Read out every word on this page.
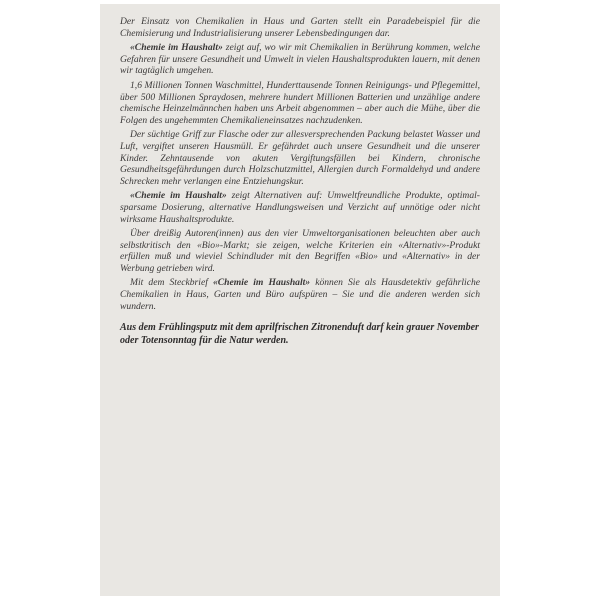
Der Einsatz von Chemikalien in Haus und Garten stellt ein Paradebeispiel für die Chemisierung und Industrialisierung unserer Lebensbedingungen dar.

«Chemie im Haushalt» zeigt auf, wo wir mit Chemikalien in Berührung kommen, welche Gefahren für unsere Gesundheit und Umwelt in vielen Haushaltsprodukten lauern, mit denen wir tagtäglich umgehen.

1,6 Millionen Tonnen Waschmittel, Hunderttausende Tonnen Reinigungs- und Pflegemittel, über 500 Millionen Spraydosen, mehrere hundert Millionen Batterien und unzählige andere chemische Heinzelmännchen haben uns Arbeit abgenommen – aber auch die Mühe, über die Folgen des ungehemmten Chemikalieneinsatzes nachzudenken.

Der süchtige Griff zur Flasche oder zur allesversprechenden Packung belastet Wasser und Luft, vergiftet unseren Hausmüll. Er gefährdet auch unsere Gesundheit und die unserer Kinder. Zehntausende von akuten Vergiftungsfällen bei Kindern, chronische Gesundheitsgefährdungen durch Holzschutzmittel, Allergien durch Formaldehyd und andere Schrecken mehr verlangen eine Entziehungskur.

«Chemie im Haushalt» zeigt Alternativen auf: Umweltfreundliche Produkte, optimal-sparsame Dosierung, alternative Handlungsweisen und Verzicht auf unnötige oder nicht wirksame Haushaltsprodukte.

Über dreißig Autoren(innen) aus den vier Umweltorganisationen beleuchten aber auch selbstkritisch den «Bio»-Markt; sie zeigen, welche Kriterien ein «Alternativ»-Produkt erfüllen muß und wieviel Schindluder mit den Begriffen «Bio» und «Alternativ» in der Werbung getrieben wird.

Mit dem Steckbrief «Chemie im Haushalt» können Sie als Hausdetektiv gefährliche Chemikalien in Haus, Garten und Büro aufspüren – Sie und die anderen werden sich wundern.

Aus dem Frühlingsputz mit dem aprilfrischen Zitronenduft darf kein grauer November oder Totensonntag für die Natur werden.
